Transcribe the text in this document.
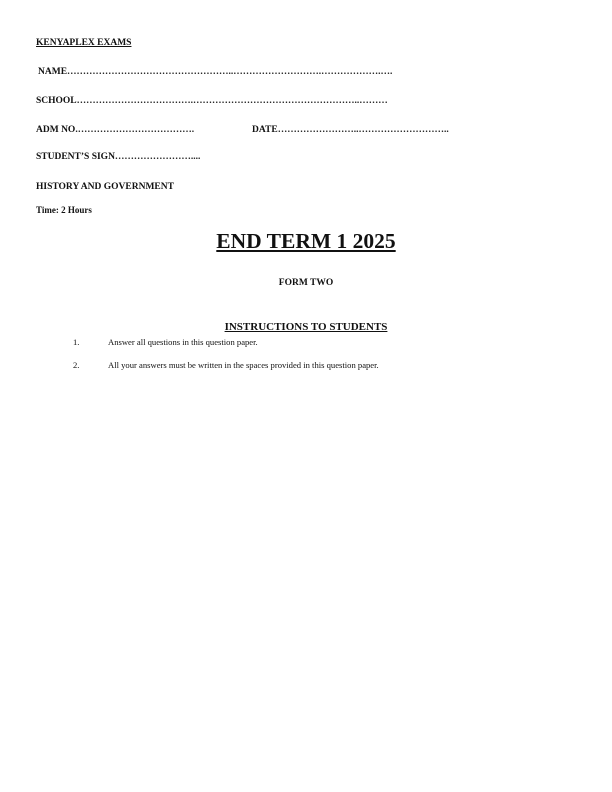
KENYAPLEX EXAMS
NAME……………………………………………..……………………….……………….….
SCHOOL……………………………….……………………………………………..………
ADM NO.……………………………….	DATE……………………..………………………..
STUDENT’S SIGN……………………....
HISTORY AND GOVERNMENT
Time: 2 Hours
END TERM 1 2025
FORM TWO
INSTRUCTIONS TO STUDENTS
1.	Answer all questions in this question paper.
2.	All your answers must be written in the spaces provided in this question paper.
